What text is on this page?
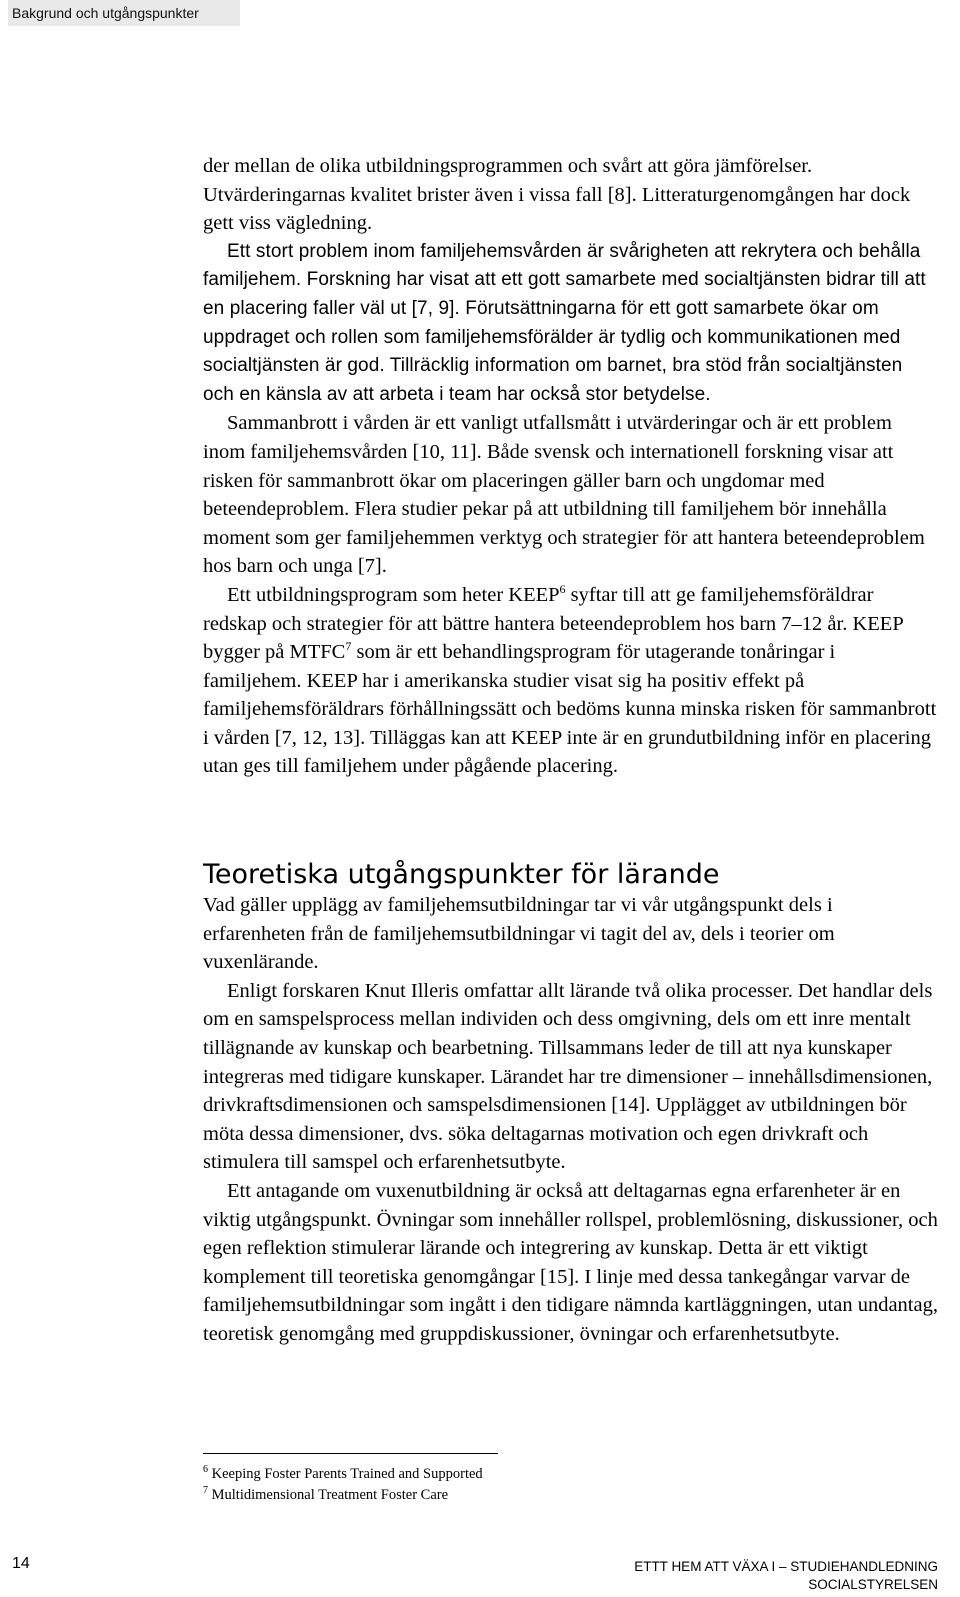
Bakgrund och utgångspunkter

der mellan de olika utbildningsprogrammen och svårt att göra jämförelser. Utvärderingarnas kvalitet brister även i vissa fall [8]. Litteraturgenomgången har dock gett viss vägledning.

Ett stort problem inom familjehemsvården är svårigheten att rekrytera och behålla familjehem. Forskning har visat att ett gott samarbete med socialtjänsten bidrar till att en placering faller väl ut [7, 9]. Förutsättningarna för ett gott samarbete ökar om uppdraget och rollen som familjehemsförälder är tydlig och kommunikationen med socialtjänsten är god. Tillräcklig information om barnet, bra stöd från socialtjänsten och en känsla av att arbeta i team har också stor betydelse.

Sammanbrott i vården är ett vanligt utfallsmått i utvärderingar och är ett problem inom familjehemsvården [10, 11]. Både svensk och internationell forskning visar att risken för sammanbrott ökar om placeringen gäller barn och ungdomar med beteendeproblem. Flera studier pekar på att utbildning till familjehem bör innehålla moment som ger familjehemmen verktyg och strategier för att hantera beteendeproblem hos barn och unga [7].

Ett utbildningsprogram som heter KEEP$^6$ syftar till att ge familjehemsföräldrar redskap och strategier för att bättre hantera beteendeproblem hos barn 7–12 år. KEEP bygger på MTFC$^7$ som är ett behandlingsprogram för utagerande tonåringar i familjehem. KEEP har i amerikanska studier visat sig ha positiv effekt på familjehemsföräldrars förhållningssätt och bedöms kunna minska risken för sammanbrott i vården [7, 12, 13]. Tilläggas kan att KEEP inte är en grundutbildning inför en placering utan ges till familjehem under pågående placering.

Teoretiska utgångspunkter för lärande

Vad gäller upplägg av familjehemsutbildningar tar vi vår utgångspunkt dels i erfarenheten från de familjehemsutbildningar vi tagit del av, dels i teorier om vuxenlärande.

Enligt forskaren Knut Illeris omfattar allt lärande två olika processer. Det handlar dels om en samspelsprocess mellan individen och dess omgivning, dels om ett inre mentalt tillägnande av kunskap och bearbetning. Tillsammans leder de till att nya kunskaper integreras med tidigare kunskaper. Lärandet har tre dimensioner – innehållsdimensionen, drivkraftsdimensionen och samspelsdimensionen [14]. Upplägget av utbildningen bör möta dessa dimensioner, dvs. söka deltagarnas motivation och egen drivkraft och stimulera till samspel och erfarenhetsutbyte.

Ett antagande om vuxenutbildning är också att deltagarnas egna erfarenheter är en viktig utgångspunkt. Övningar som innehåller rollspel, problemlösning, diskussioner, och egen reflektion stimulerar lärande och integrering av kunskap. Detta är ett viktigt komplement till teoretiska genomgångar [15]. I linje med dessa tankegångar varvar de familjehemsutbildningar som ingått i den tidigare nämnda kartläggningen, utan undantag, teoretisk genomgång med gruppdiskussioner, övningar och erfarenhetsutbyte.

$^6$ Keeping Foster Parents Trained and Supported
$^7$ Multidimensional Treatment Foster Care
14	ETTT HEM ATT VÄXA I – STUDIEHANDLEDNING
SOCIALSTYRELSEN
